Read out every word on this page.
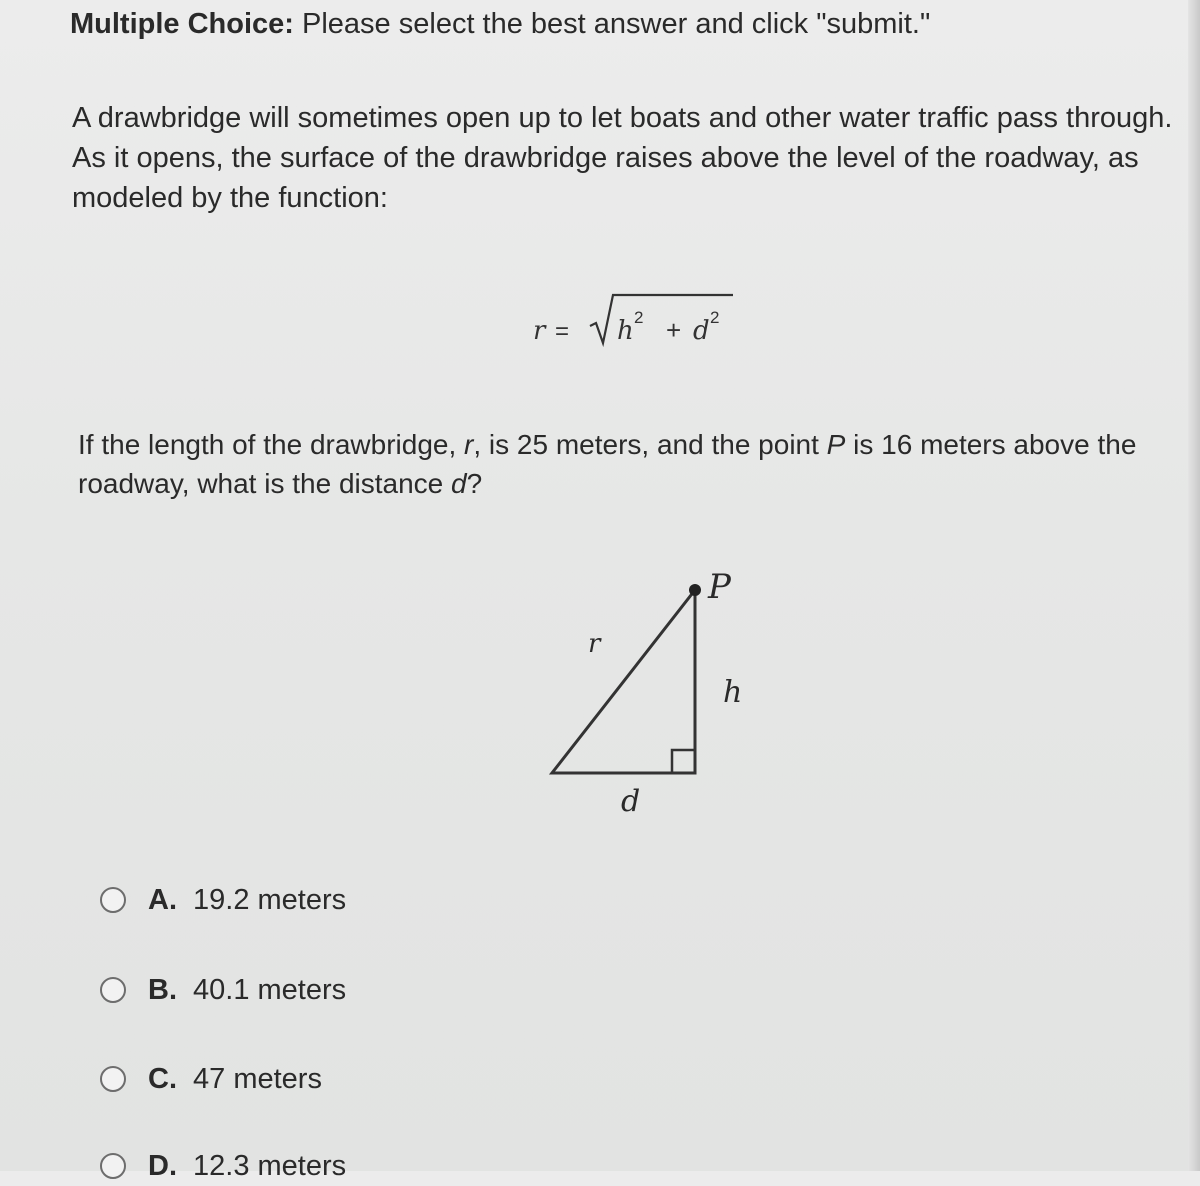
Multiple Choice: Please select the best answer and click "submit."
A drawbridge will sometimes open up to let boats and other water traffic pass through. As it opens, the surface of the drawbridge raises above the level of the roadway, as modeled by the function:
r = h 2 + d 2
If the length of the drawbridge, r, is 25 meters, and the point P is 16 meters above the roadway, what is the distance d?
P
r
h
d
A. 19.2 meters
B. 40.1 meters
C. 47 meters
D. 12.3 meters
